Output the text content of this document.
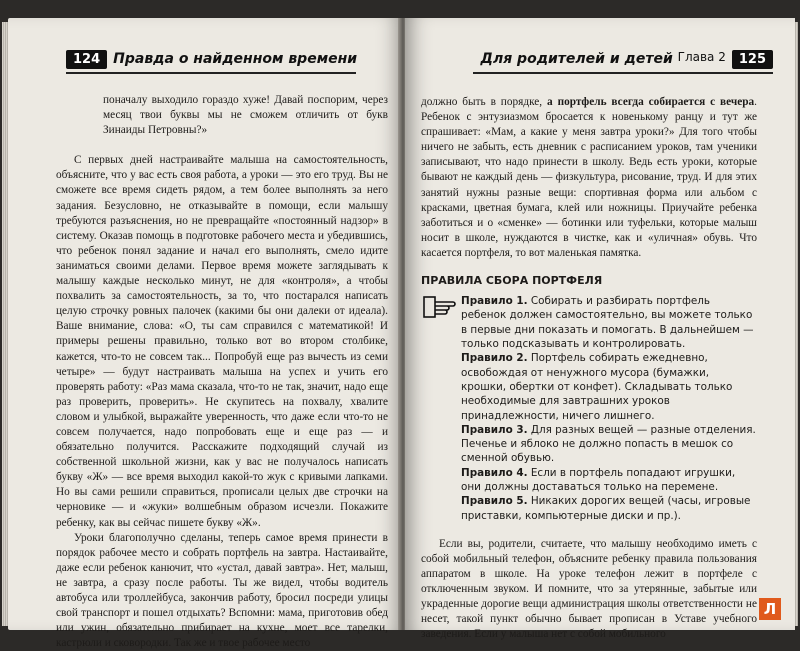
124 Правда о найденном времени

поначалу выходило гораздо хуже! Давай поспорим, через месяц твои буквы мы не сможем отличить от букв Зинаиды Петровны?»

С первых дней настраивайте малыша на самостоятельность, объясните, что у вас есть своя работа, а уроки — это его труд. Вы не сможете все время сидеть рядом, а тем более выполнять за него задания. Безусловно, не отказывайте в помощи, если малышу требуются разъяснения, но не превращайте «постоянный надзор» в систему. Оказав помощь в подготовке рабочего места и убедившись, что ребенок понял задание и начал его выполнять, смело идите заниматься своими делами. Первое время можете заглядывать к малышу каждые несколько минут, не для «контроля», а чтобы похвалить за самостоятельность, за то, что постарался написать целую строчку ровных палочек (какими бы они далеки от идеала). Ваше внимание, слова: «О, ты сам справился с математикой! И примеры решены правильно, только вот во втором столбике, кажется, что-то не совсем так... Попробуй еще раз вычесть из семи четыре» — будут настраивать малыша на успех и учить его проверять работу: «Раз мама сказала, что-то не так, значит, надо еще раз проверить, проверить». Не скупитесь на похвалу, хвалите словом и улыбкой, выражайте уверенность, что даже если что-то не совсем получается, надо попробовать еще и еще раз — и обязательно получится. Расскажите подходящий случай из собственной школьной жизни, как у вас не получалось написать букву «Ж» — все время выходил какой-то жук с кривыми лапками. Но вы сами решили справиться, прописали целых две строчки на черновике — и «жуки» волшебным образом исчезли. Покажите ребенку, как вы сейчас пишете букву «Ж».

Уроки благополучно сделаны, теперь самое время принести в порядок рабочее место и собрать портфель на завтра. Настаивайте, даже если ребенок канючит, что «устал, давай завтра». Нет, малыш, не завтра, а сразу после работы. Ты же видел, чтобы водитель автобуса или троллейбуса, закончив работу, бросил посреди улицы свой транспорт и пошел отдыхать? Вспомни: мама, приготовив обед или ужин, обязательно прибирает на кухне, моет все тарелки, кастрюли и сковородки. Так же и твое рабочее место

Для родителей и детей Глава 2 125

должно быть в порядке, а портфель всегда собирается с вечера. Ребенок с энтузиазмом бросается к новенькому ранцу и тут же спрашивает: «Мам, а какие у меня завтра уроки?» Для того чтобы ничего не забыть, есть дневник с расписанием уроков, там ученики записывают, что надо принести в школу. Ведь есть уроки, которые бывают не каждый день — физкультура, рисование, труд. И для этих занятий нужны разные вещи: спортивная форма или альбом с красками, цветная бумага, клей или ножницы. Приучайте ребенка заботиться и о «сменке» — ботинки или туфельки, которые малыш носит в школе, нуждаются в чистке, как и «уличная» обувь. Что касается портфеля, то вот маленькая памятка.

ПРАВИЛА СБОРА ПОРТФЕЛЯ

Правило 1. Собирать и разбирать портфель ребенок должен самостоятельно, вы можете только в первые дни показать и помогать. В дальнейшем — только подсказывать и контролировать.

Правило 2. Портфель собирать ежедневно, освобождая от ненужного мусора (бумажки, крошки, обертки от конфет). Складывать только необходимые для завтрашних уроков принадлежности, ничего лишнего.

Правило 3. Для разных вещей — разные отделения. Печенье и яблоко не должно попасть в мешок со сменной обувью.

Правило 4. Если в портфель попадают игрушки, они должны доставаться только на перемене.

Правило 5. Никаких дорогих вещей (часы, игровые приставки, компьютерные диски и пр.).

Если вы, родители, считаете, что малышу необходимо иметь с собой мобильный телефон, объясните ребенку правила пользования аппаратом в школе. На уроке телефон лежит в портфеле с отключенным звуком. И помните, что за утерянные, забытые или украденные дорогие вещи администрация школы ответственности не несет, такой пункт обычно бывает прописан в Уставе учебного заведения. Если у малыша нет с собой мобильного

Л
